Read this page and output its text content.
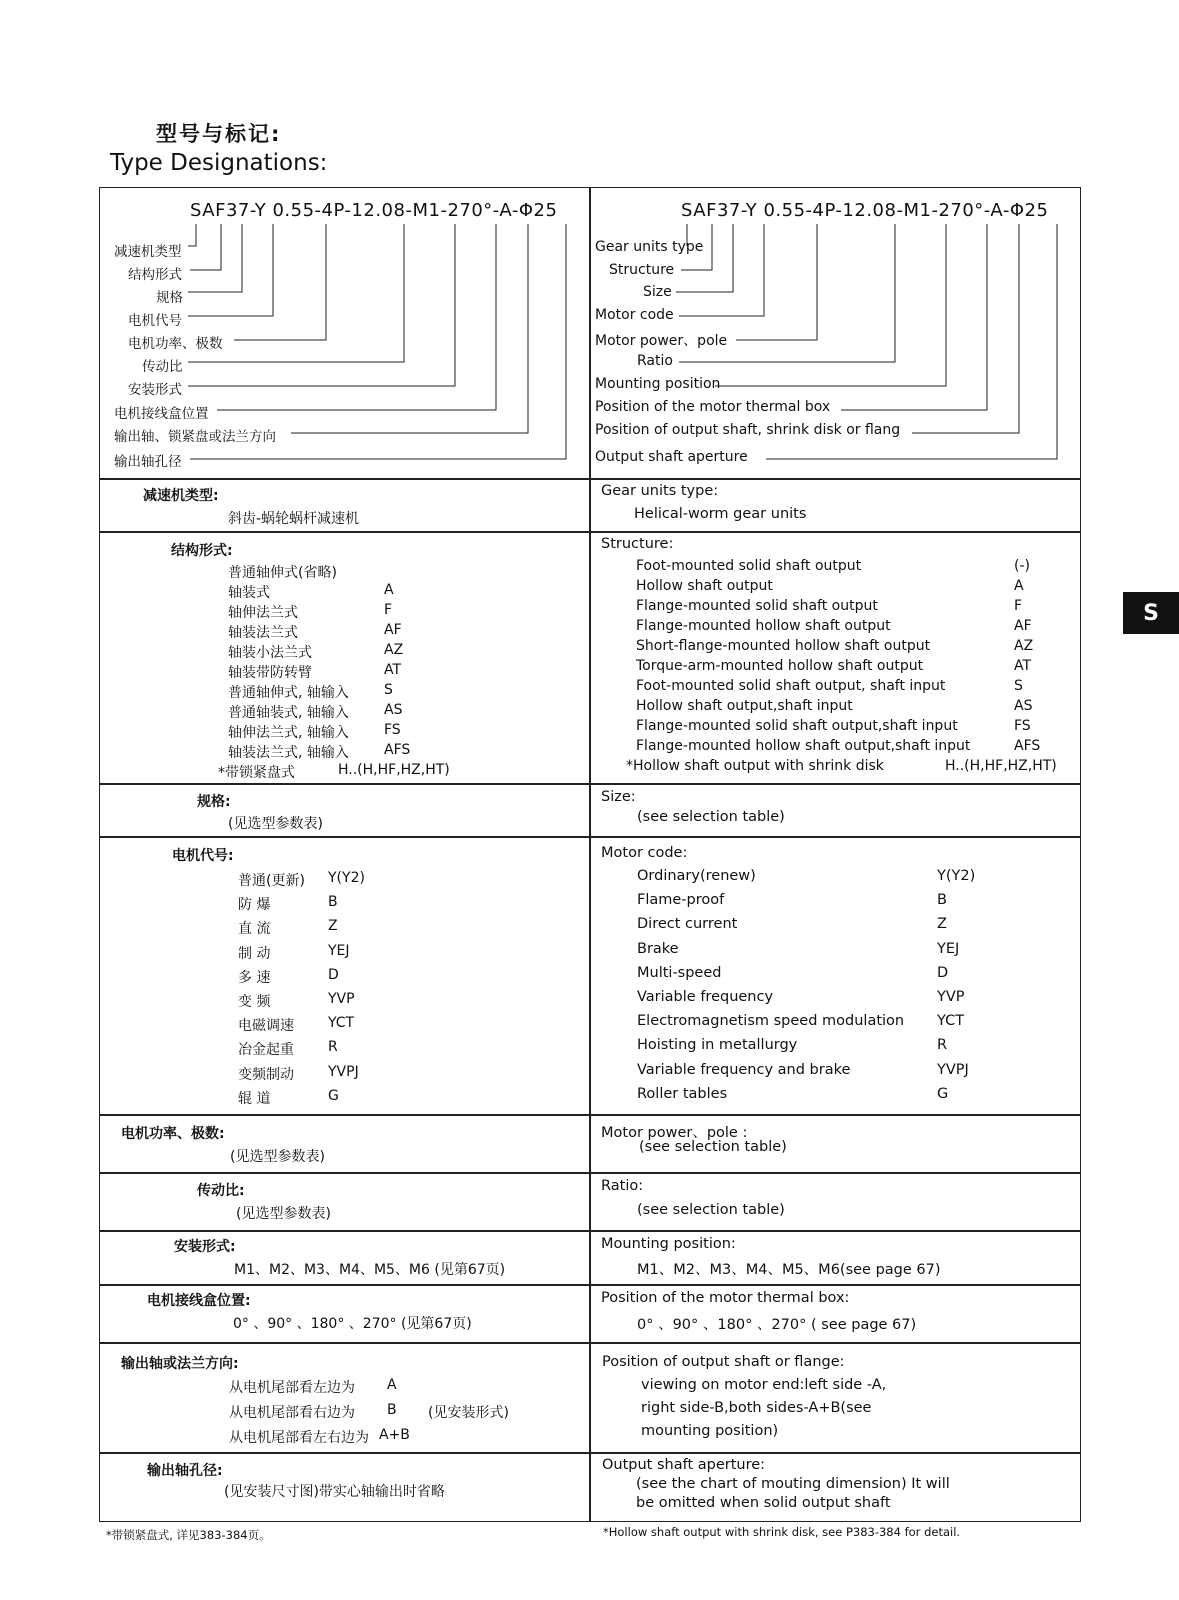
型号与标记:
Type Designations:
S
SAF37-Y 0.55-4P-12.08-M1-270°-A-Φ25	SAF37-Y 0.55-4P-12.08-M1-270°-A-Φ25
减速机类型
结构形式
规格
电机代号
电机功率、极数
传动比
安装形式
电机接线盒位置
输出轴、锁紧盘或法兰方向
输出轴孔径
Gear units type
Structure
Size
Motor code
Motor power、pole
Ratio
Mounting position
Position of the motor thermal box
Position of output shaft, shrink disk or flang
Output shaft aperture
减速机类型:
斜齿-蜗轮蜗杆减速机
Gear units type:
Helical-worm gear units
结构形式:	Structure:
普通轴伸式(省略)
轴装式	A
轴伸法兰式	F
轴装法兰式	AF
轴装小法兰式	AZ
轴装带防转臂	AT
普通轴伸式, 轴输入	S
普通轴装式, 轴输入	AS
轴伸法兰式, 轴输入	FS
轴装法兰式, 轴输入	AFS
*带锁紧盘式	H..(H,HF,HZ,HT)
Foot-mounted solid shaft output	(-)
Hollow shaft output	A
Flange-mounted solid shaft output	F
Flange-mounted hollow shaft output	AF
Short-flange-mounted hollow shaft output	AZ
Torque-arm-mounted hollow shaft output	AT
Foot-mounted solid shaft output, shaft input	S
Hollow shaft output,shaft input	AS
Flange-mounted solid shaft output,shaft input	FS
Flange-mounted hollow shaft output,shaft input	AFS
*Hollow shaft output with shrink disk	H..(H,HF,HZ,HT)
规格:
(见选型参数表)
Size:
(see selection table)
电机代号:	Motor code:
普通(更新) Y(Y2)
防 爆	B
直 流	Z
制 动	YEJ
多 速	D
变 频	YVP
电磁调速 YCT
冶金起重 R
变频制动 YVPJ
辊 道	G
Ordinary(renew)	Y(Y2)
Flame-proof	B
Direct current	Z
Brake	YEJ
Multi-speed	D
Variable frequency	YVP
Electromagnetism speed modulation YCT
Hoisting in metallurgy	R
Variable frequency and brake	YVPJ
Roller tables	G
电机功率、极数:
(见选型参数表)
Motor power、pole :
(see selection table)
传动比:
(见选型参数表)
Ratio:
(see selection table)
安装形式:
M1、M2、M3、M4、M5、M6 (见第67页)
Mounting position:
M1、M2、M3、M4、M5、M6(see page 67)
电机接线盒位置:
0° 、90° 、180° 、270° (见第67页)
Position of the motor thermal box:
0° 、90° 、180° 、270° ( see page 67)
输出轴或法兰方向:
从电机尾部看左边为 A
从电机尾部看右边为 B (见安装形式)
从电机尾部看左右边为 A+B
Position of output shaft or flange:
viewing on motor end:left side -A,
right side-B,both sides-A+B(see
mounting position)
输出轴孔径:
(见安装尺寸图)带实心轴输出时省略
Output shaft aperture:
(see the chart of mouting dimension) It will
be omitted when solid output shaft
*带锁紧盘式, 详见383-384页。	*Hollow shaft output with shrink disk, see P383-384 for detail.
